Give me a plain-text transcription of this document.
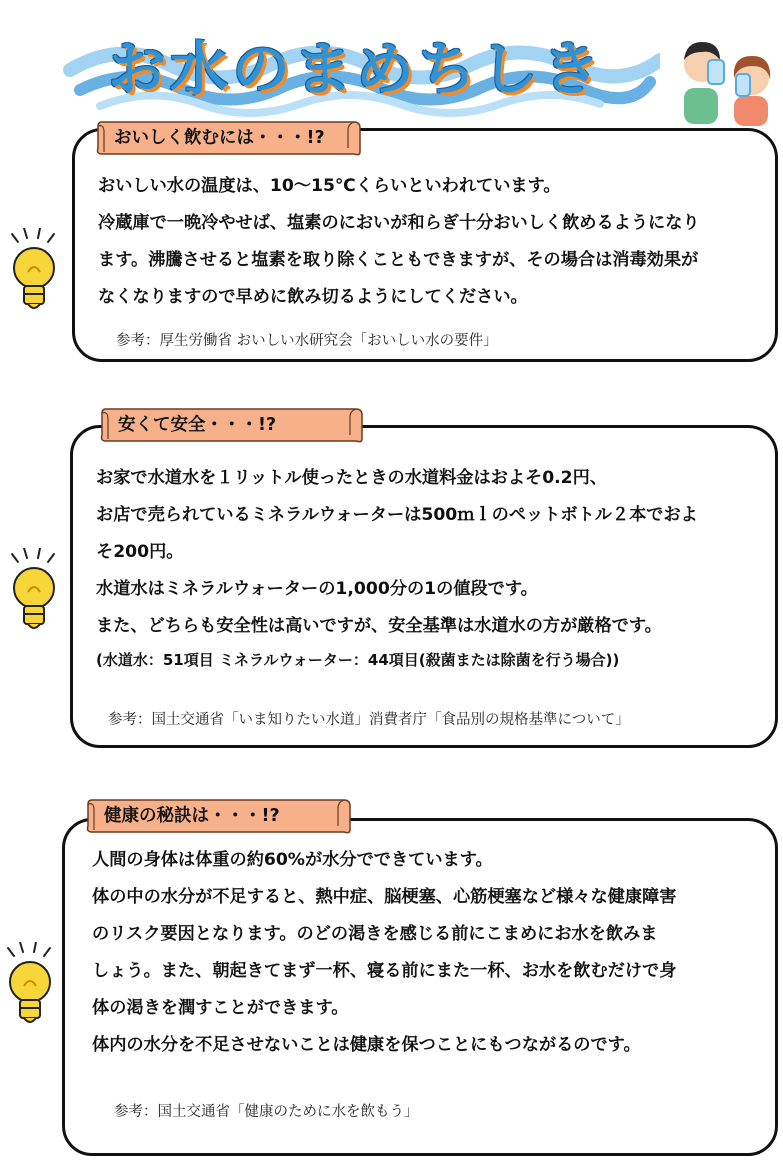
お水のまめちしき
おいしく飲むには・・・!?
おいしい水の温度は、10〜15℃くらいといわれています。
冷蔵庫で一晩冷やせば、塩素のにおいが和らぎ十分おいしく飲めるようになり
ます。沸騰させると塩素を取り除くこともできますが、その場合は消毒効果が
なくなりますので早めに飲み切るようにしてください。
参考：厚生労働省 おいしい水研究会「おいしい水の要件」
安くて安全・・・!?
お家で水道水を１リットル使ったときの水道料金はおよそ0.2円、
お店で売られているミネラルウォーターは500ｍｌのペットボトル２本でおよ
そ200円。
水道水はミネラルウォーターの1,000分の1の値段です。
また、どちらも安全性は高いですが、安全基準は水道水の方が厳格です。
(水道水：51項目 ミネラルウォーター：44項目(殺菌または除菌を行う場合))
参考：国土交通省「いま知りたい水道」消費者庁「食品別の規格基準について」
健康の秘訣は・・・!?
人間の身体は体重の約60%が水分でできています。
体の中の水分が不足すると、熱中症、脳梗塞、心筋梗塞など様々な健康障害
のリスク要因となります。のどの渇きを感じる前にこまめにお水を飲みま
しょう。また、朝起きてまず一杯、寝る前にまた一杯、お水を飲むだけで身
体の渇きを潤すことができます。
体内の水分を不足させないことは健康を保つことにもつながるのです。
参考：国土交通省「健康のために水を飲もう」
